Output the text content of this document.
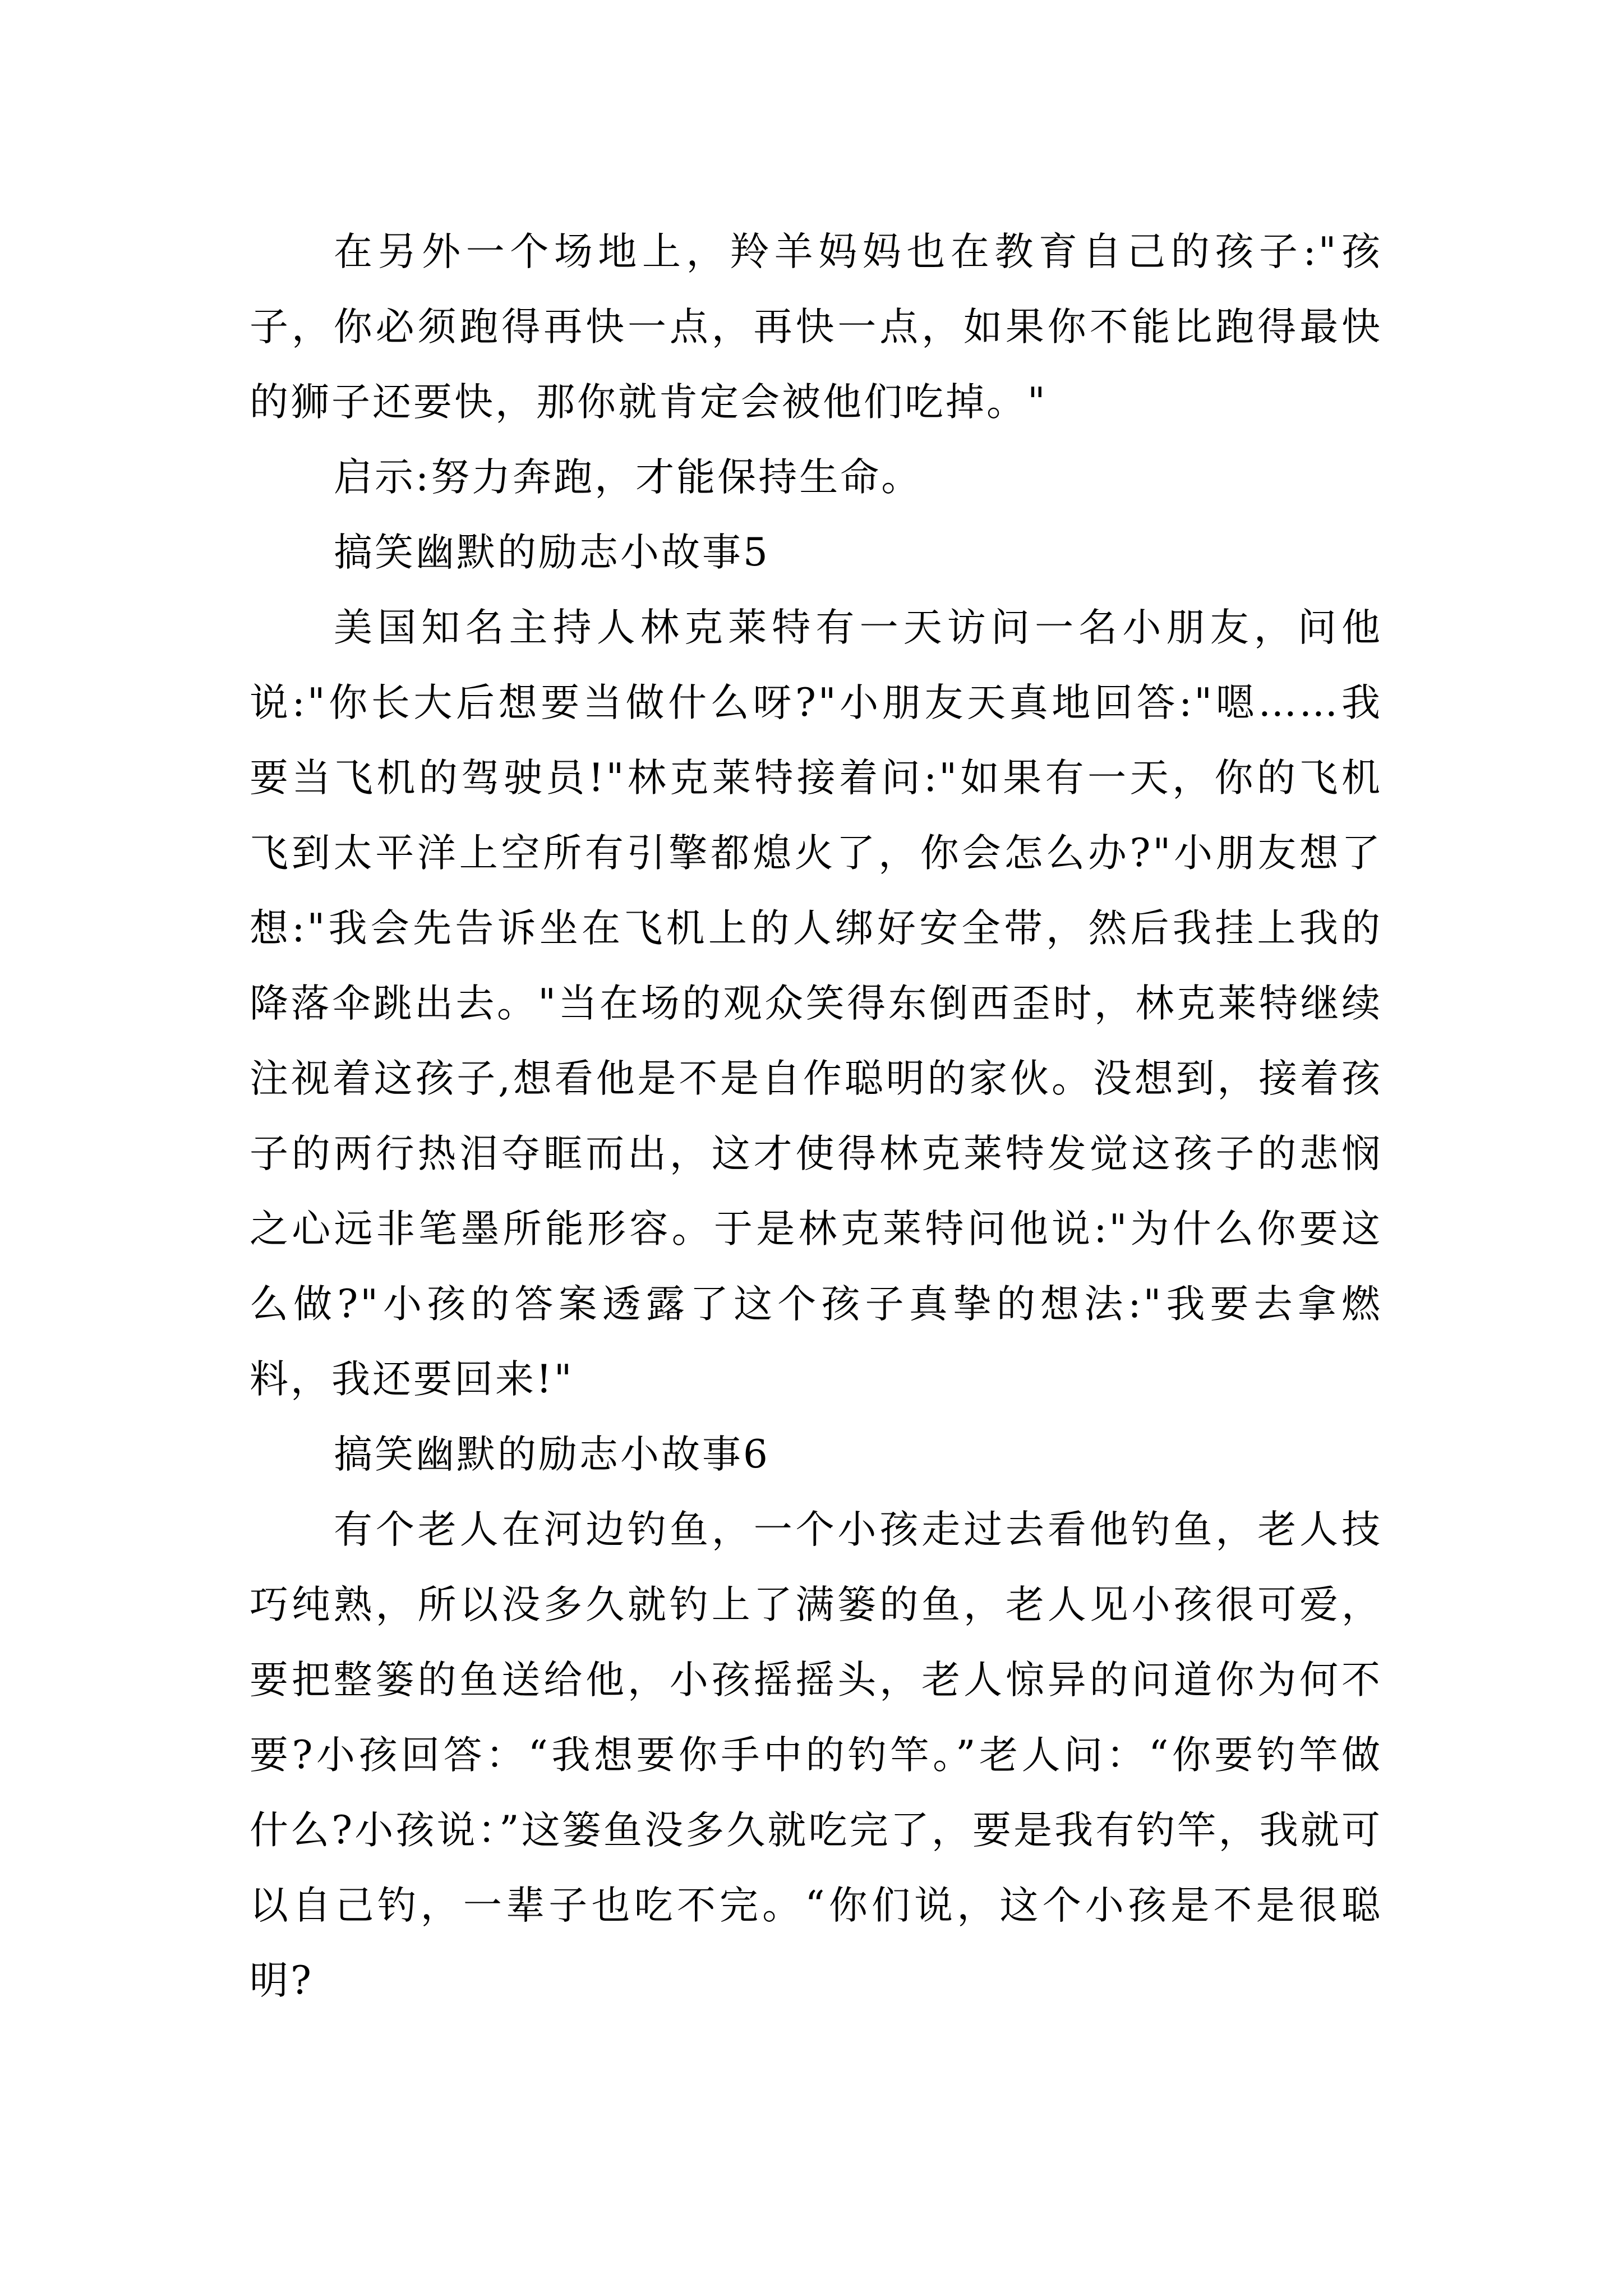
在另外一个场地上，羚羊妈妈也在教育自己的孩子:"孩子，你必须跑得再快一点，再快一点，如果你不能比跑得最快的狮子还要快，那你就肯定会被他们吃掉。"

启示:努力奔跑，才能保持生命。

搞笑幽默的励志小故事5

美国知名主持人林克莱特有一天访问一名小朋友，问他说:"你长大后想要当做什么呀?"小朋友天真地回答:"嗯……我要当飞机的驾驶员!"林克莱特接着问:"如果有一天，你的飞机飞到太平洋上空所有引擎都熄火了，你会怎么办?"小朋友想了想:"我会先告诉坐在飞机上的人绑好安全带，然后我挂上我的降落伞跳出去。"当在场的观众笑得东倒西歪时，林克莱特继续注视着这孩子,想看他是不是自作聪明的家伙。没想到，接着孩子的两行热泪夺眶而出，这才使得林克莱特发觉这孩子的悲悯之心远非笔墨所能形容。于是林克莱特问他说:"为什么你要这么做?"小孩的答案透露了这个孩子真挚的想法:"我要去拿燃料，我还要回来!"

搞笑幽默的励志小故事6

有个老人在河边钓鱼，一个小孩走过去看他钓鱼，老人技巧纯熟，所以没多久就钓上了满篓的鱼，老人见小孩很可爱，要把整篓的鱼送给他，小孩摇摇头，老人惊异的问道你为何不要?小孩回答：“我想要你手中的钓竿。”老人问：“你要钓竿做什么?小孩说：”这篓鱼没多久就吃完了，要是我有钓竿，我就可以自己钓，一辈子也吃不完。“你们说，这个小孩是不是很聪明?
